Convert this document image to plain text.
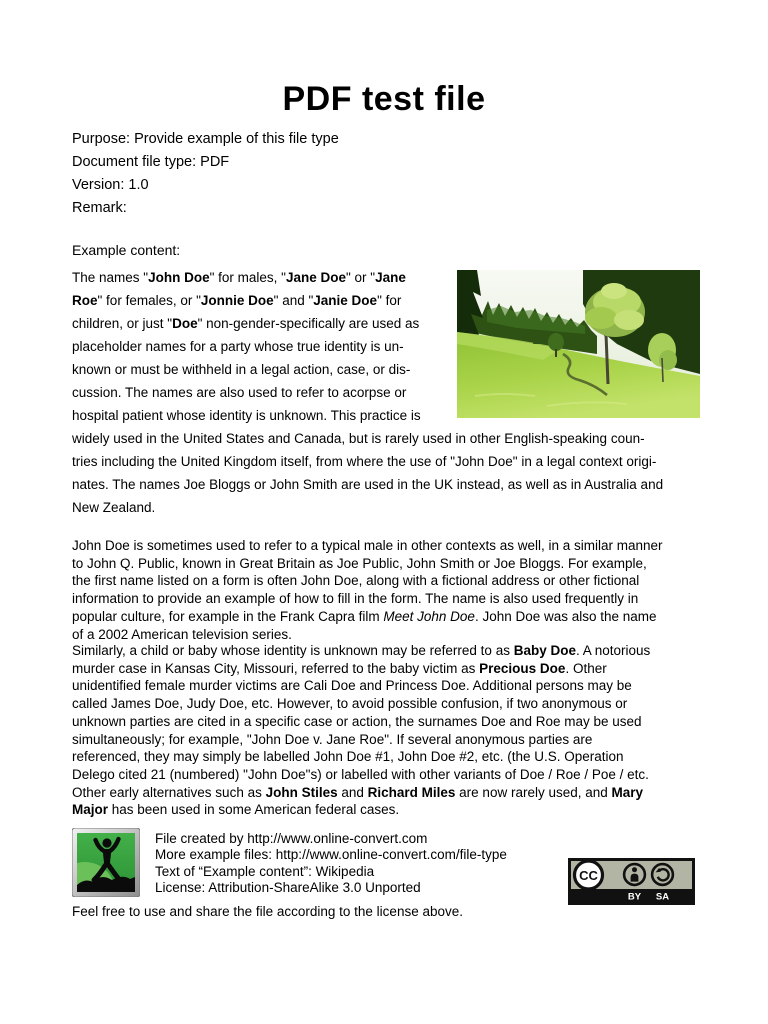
PDF test file
Purpose: Provide example of this file type
Document file type: PDF
Version: 1.0
Remark:
Example content:
The names "John Doe" for males, "Jane Doe" or "Jane
Roe" for females, or "Jonnie Doe" and "Janie Doe" for
children, or just "Doe" non-gender-specifically are used as
placeholder names for a party whose true identity is un-
known or must be withheld in a legal action, case, or dis-
cussion. The names are also used to refer to acorpse or
hospital patient whose identity is unknown. This practice is
widely used in the United States and Canada, but is rarely used in other English-speaking coun-
tries including the United Kingdom itself, from where the use of "John Doe" in a legal context origi-
nates. The names Joe Bloggs or John Smith are used in the UK instead, as well as in Australia and
New Zealand.
John Doe is sometimes used to refer to a typical male in other contexts as well, in a similar manner
to John Q. Public, known in Great Britain as Joe Public, John Smith or Joe Bloggs. For example,
the first name listed on a form is often John Doe, along with a fictional address or other fictional
information to provide an example of how to fill in the form. The name is also used frequently in
popular culture, for example in the Frank Capra film Meet John Doe. John Doe was also the name
of a 2002 American television series.
Similarly, a child or baby whose identity is unknown may be referred to as Baby Doe. A notorious
murder case in Kansas City, Missouri, referred to the baby victim as Precious Doe. Other
unidentified female murder victims are Cali Doe and Princess Doe. Additional persons may be
called James Doe, Judy Doe, etc. However, to avoid possible confusion, if two anonymous or
unknown parties are cited in a specific case or action, the surnames Doe and Roe may be used
simultaneously; for example, "John Doe v. Jane Roe". If several anonymous parties are
referenced, they may simply be labelled John Doe #1, John Doe #2, etc. (the U.S. Operation
Delego cited 21 (numbered) "John Doe"s) or labelled with other variants of Doe / Roe / Poe / etc.
Other early alternatives such as John Stiles and Richard Miles are now rarely used, and Mary
Major has been used in some American federal cases.
File created by http://www.online-convert.com
More example files: http://www.online-convert.com/file-type
Text of “Example content”: Wikipedia
License: Attribution-ShareAlike 3.0 Unported
CC
BY SA
Feel free to use and share the file according to the license above.
